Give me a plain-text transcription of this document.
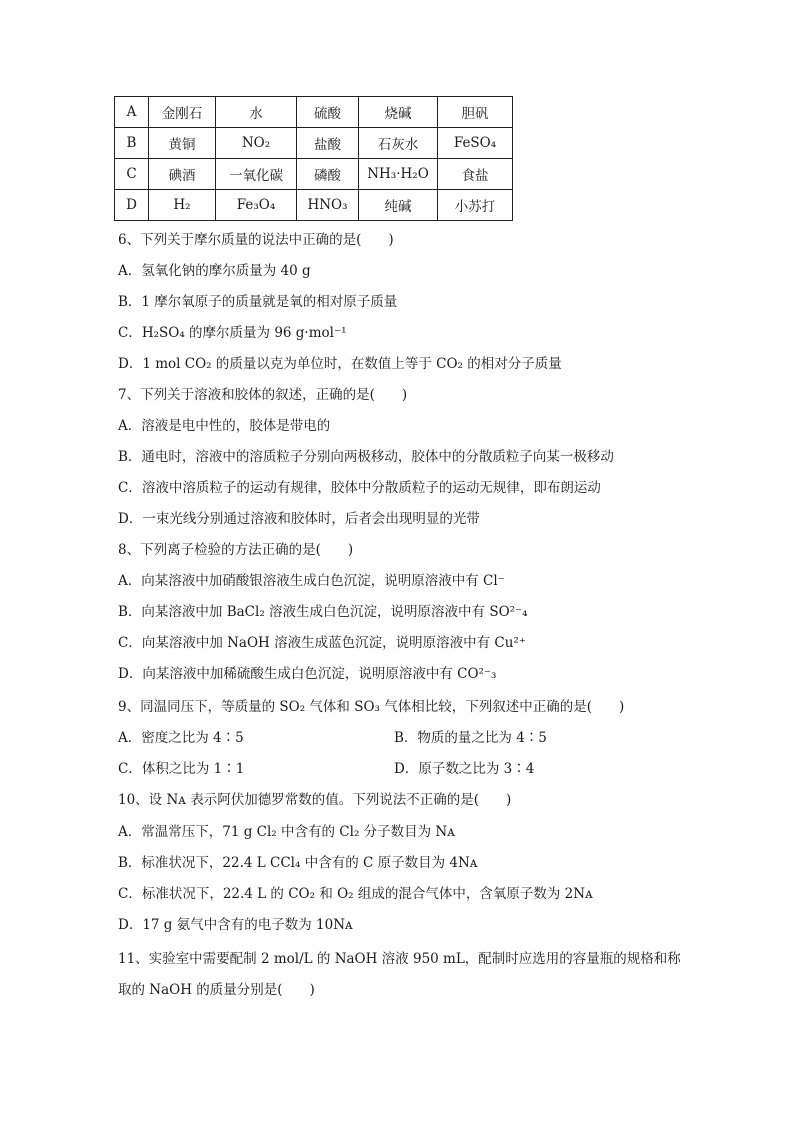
A	金刚石	水	硫酸	烧碱	胆矾
B	黄铜	NO₂	盐酸	石灰水	FeSO₄
C	碘酒	一氧化碳	磷酸	NH₃·H₂O	食盐
D	H₂	Fe₃O₄	HNO₃	纯碱	小苏打
6、下列关于摩尔质量的说法中正确的是(　　)
A．氢氧化钠的摩尔质量为 40 g
B．1 摩尔氧原子的质量就是氧的相对原子质量
C．H₂SO₄ 的摩尔质量为 96 g·mol⁻¹
D．1 mol CO₂ 的质量以克为单位时，在数值上等于 CO₂ 的相对分子质量
7、下列关于溶液和胶体的叙述，正确的是(　　)
A．溶液是电中性的，胶体是带电的
B．通电时，溶液中的溶质粒子分别向两极移动，胶体中的分散质粒子向某一极移动
C．溶液中溶质粒子的运动有规律，胶体中分散质粒子的运动无规律，即布朗运动
D．一束光线分别通过溶液和胶体时，后者会出现明显的光带
8、下列离子检验的方法正确的是(　　)
A．向某溶液中加硝酸银溶液生成白色沉淀，说明原溶液中有 Cl⁻
B．向某溶液中加 BaCl₂ 溶液生成白色沉淀，说明原溶液中有 SO²⁻₄
C．向某溶液中加 NaOH 溶液生成蓝色沉淀，说明原溶液中有 Cu²⁺
D．向某溶液中加稀硫酸生成白色沉淀，说明原溶液中有 CO²⁻₃
9、同温同压下，等质量的 SO₂ 气体和 SO₃ 气体相比较，下列叙述中正确的是(　　)
A．密度之比为 4∶5	B．物质的量之比为 4∶5
C．体积之比为 1∶1	D．原子数之比为 3∶4
10、设 Nᴀ 表示阿伏加德罗常数的值。下列说法不正确的是(　　)
A．常温常压下，71 g Cl₂ 中含有的 Cl₂ 分子数目为 Nᴀ
B．标准状况下，22.4 L CCl₄ 中含有的 C 原子数目为 4Nᴀ
C．标准状况下，22.4 L 的 CO₂ 和 O₂ 组成的混合气体中，含氧原子数为 2Nᴀ
D．17 g 氨气中含有的电子数为 10Nᴀ
11、实验室中需要配制 2 mol/L 的 NaOH 溶液 950 mL，配制时应选用的容量瓶的规格和称
取的 NaOH 的质量分别是(　　)
